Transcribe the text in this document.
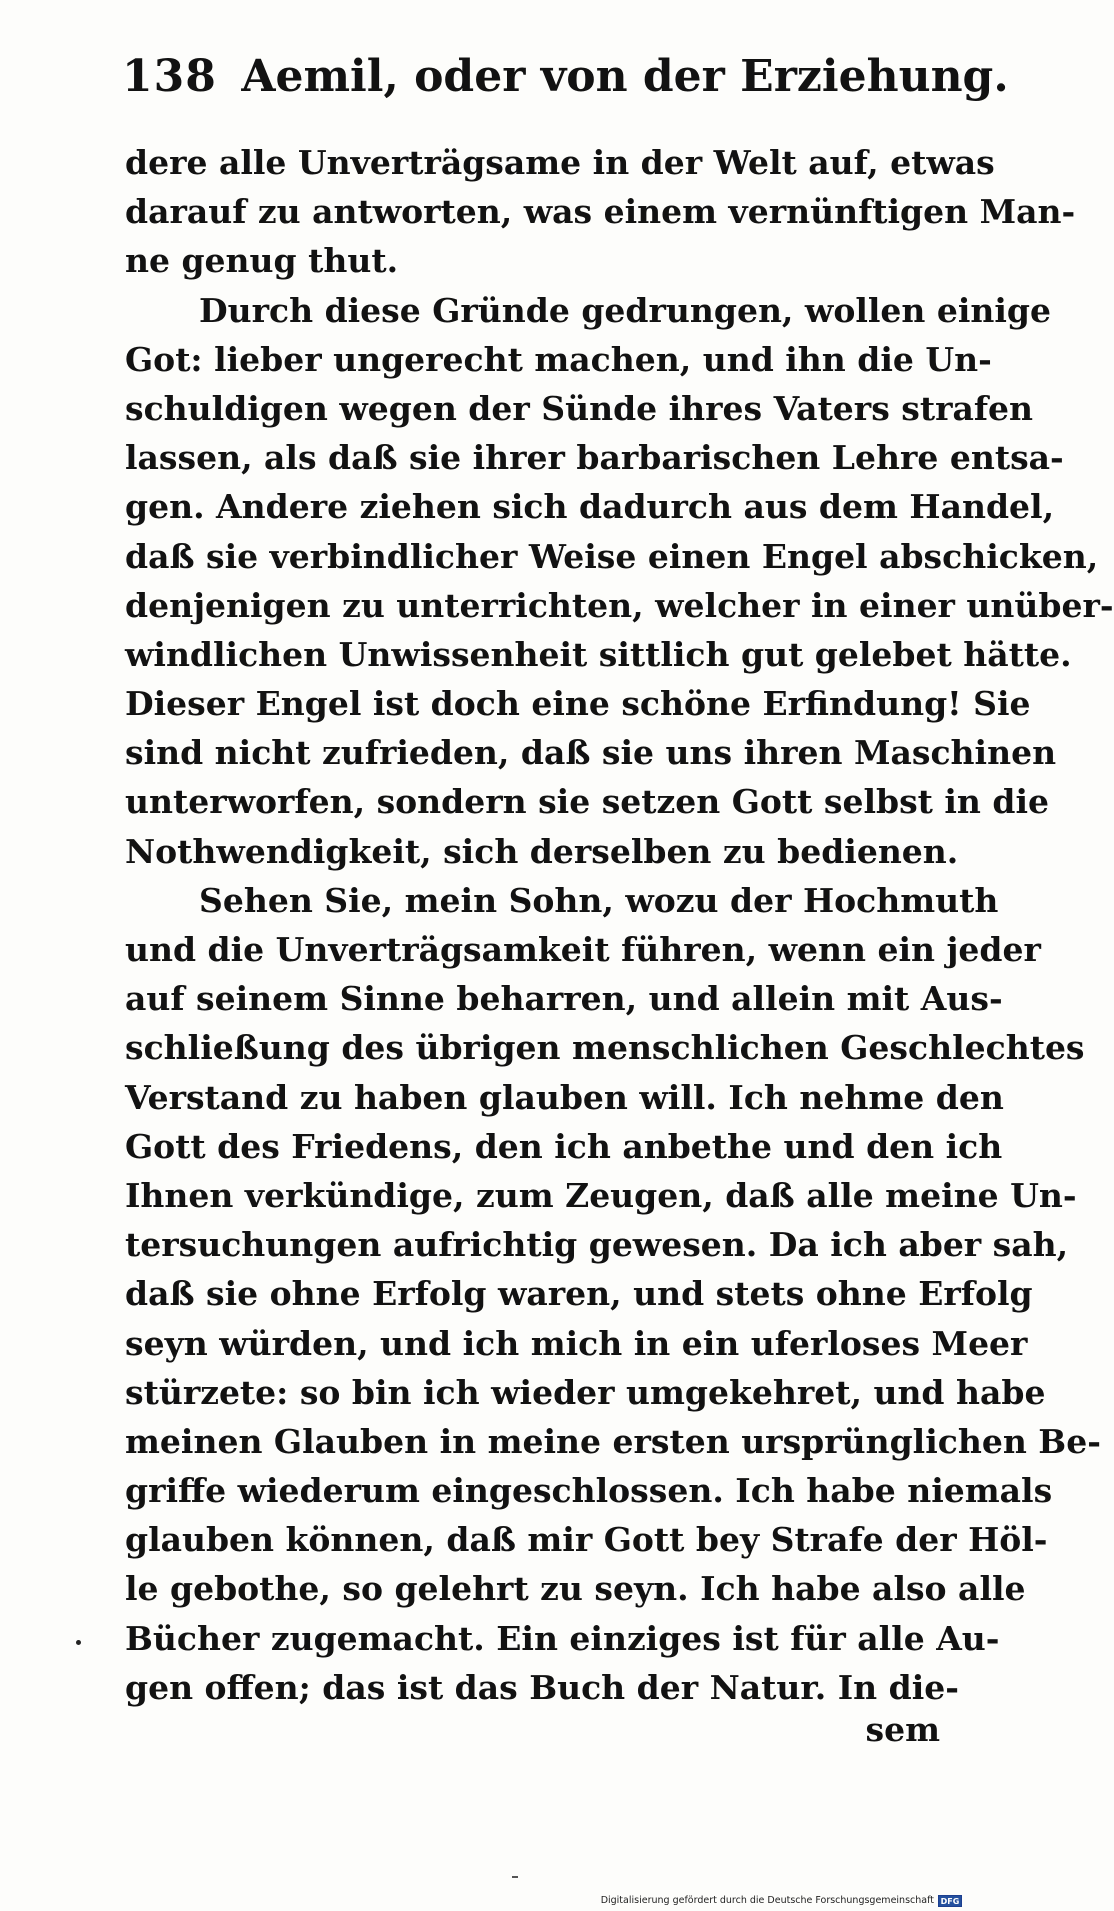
138 Aemil, oder von der Erziehung.
dere alle Unverträgsame in der Welt auf, etwas
darauf zu antworten, was einem vernünftigen Man-
ne genug thut.
Durch diese Gründe gedrungen, wollen einige
Got: lieber ungerecht machen, und ihn die Un-
schuldigen wegen der Sünde ihres Vaters strafen
lassen, als daß sie ihrer barbarischen Lehre entsa-
gen. Andere ziehen sich dadurch aus dem Handel,
daß sie verbindlicher Weise einen Engel abschicken,
denjenigen zu unterrichten, welcher in einer unüber-
windlichen Unwissenheit sittlich gut gelebet hätte.
Dieser Engel ist doch eine schöne Erfindung! Sie
sind nicht zufrieden, daß sie uns ihren Maschinen
unterworfen, sondern sie setzen Gott selbst in die
Nothwendigkeit, sich derselben zu bedienen.
Sehen Sie, mein Sohn, wozu der Hochmuth
und die Unverträgsamkeit führen, wenn ein jeder
auf seinem Sinne beharren, und allein mit Aus-
schließung des übrigen menschlichen Geschlechtes
Verstand zu haben glauben will. Ich nehme den
Gott des Friedens, den ich anbethe und den ich
Ihnen verkündige, zum Zeugen, daß alle meine Un-
tersuchungen aufrichtig gewesen. Da ich aber sah,
daß sie ohne Erfolg waren, und stets ohne Erfolg
seyn würden, und ich mich in ein uferloses Meer
stürzete: so bin ich wieder umgekehret, und habe
meinen Glauben in meine ersten ursprünglichen Be-
griffe wiederum eingeschlossen. Ich habe niemals
glauben können, daß mir Gott bey Strafe der Höl-
le gebothe, so gelehrt zu seyn. Ich habe also alle
Bücher zugemacht. Ein einziges ist für alle Au-
gen offen; das ist das Buch der Natur. In die-
sem
Digitalisierung gefördert durch die Deutsche Forschungsgemeinschaft DFG
